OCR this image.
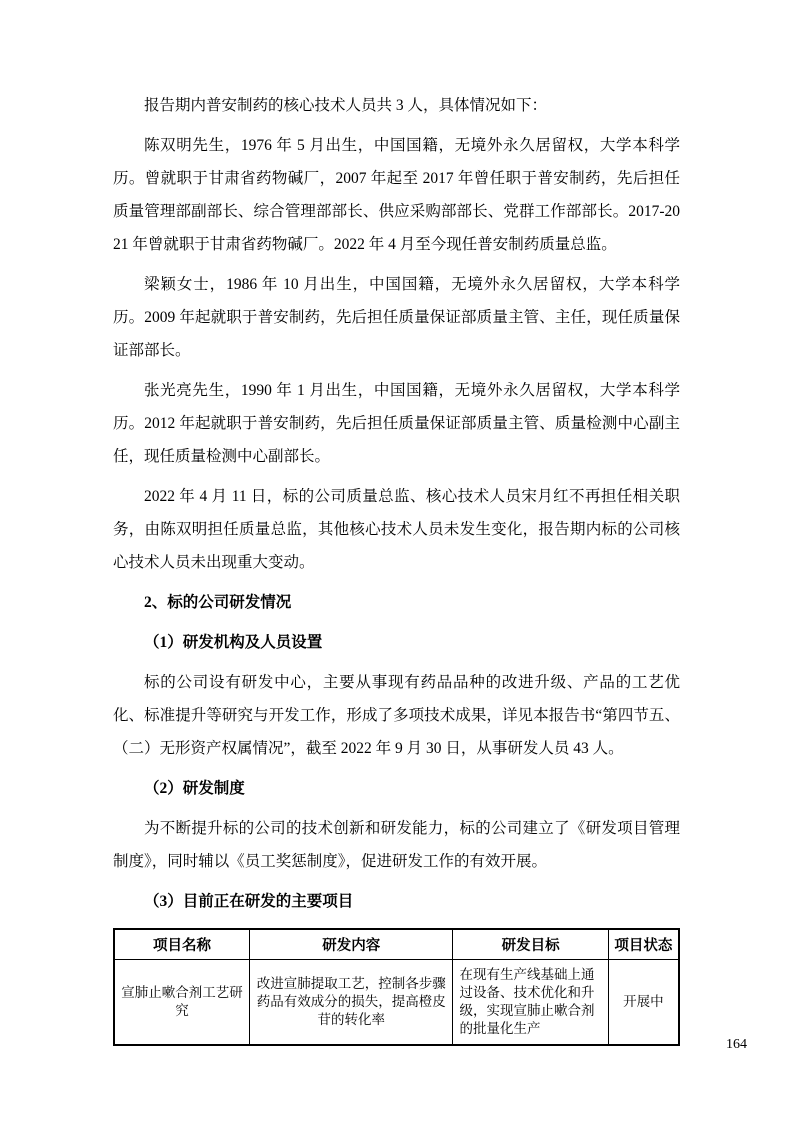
报告期内普安制药的核心技术人员共 3 人，具体情况如下：

陈双明先生，1976 年 5 月出生，中国国籍，无境外永久居留权，大学本科学历。曾就职于甘肃省药物碱厂，2007 年起至 2017 年曾任职于普安制药，先后担任质量管理部副部长、综合管理部部长、供应采购部部长、党群工作部部长。2017-2021 年曾就职于甘肃省药物碱厂。2022 年 4 月至今现任普安制药质量总监。

梁颖女士，1986 年 10 月出生，中国国籍，无境外永久居留权，大学本科学历。2009 年起就职于普安制药，先后担任质量保证部质量主管、主任，现任质量保证部部长。

张光亮先生，1990 年 1 月出生，中国国籍，无境外永久居留权，大学本科学历。2012 年起就职于普安制药，先后担任质量保证部质量主管、质量检测中心副主任，现任质量检测中心副部长。

2022 年 4 月 11 日，标的公司质量总监、核心技术人员宋月红不再担任相关职务，由陈双明担任质量总监，其他核心技术人员未发生变化，报告期内标的公司核心技术人员未出现重大变动。

2、标的公司研发情况

（1）研发机构及人员设置

标的公司设有研发中心，主要从事现有药品品种的改进升级、产品的工艺优化、标准提升等研究与开发工作，形成了多项技术成果，详见本报告书“第四节五、（二）无形资产权属情况”，截至 2022 年 9 月 30 日，从事研发人员 43 人。

（2）研发制度

为不断提升标的公司的技术创新和研发能力，标的公司建立了《研发项目管理制度》，同时辅以《员工奖惩制度》，促进研发工作的有效开展。

（3）目前正在研发的主要项目

项目名称	研发内容	研发目标	项目状态
宣肺止嗽合剂工艺研究	改进宣肺提取工艺，控制各步骤药品有效成分的损失，提高橙皮苷的转化率	在现有生产线基础上通过设备、技术优化和升级，实现宣肺止嗽合剂的批量化生产	开展中
164
